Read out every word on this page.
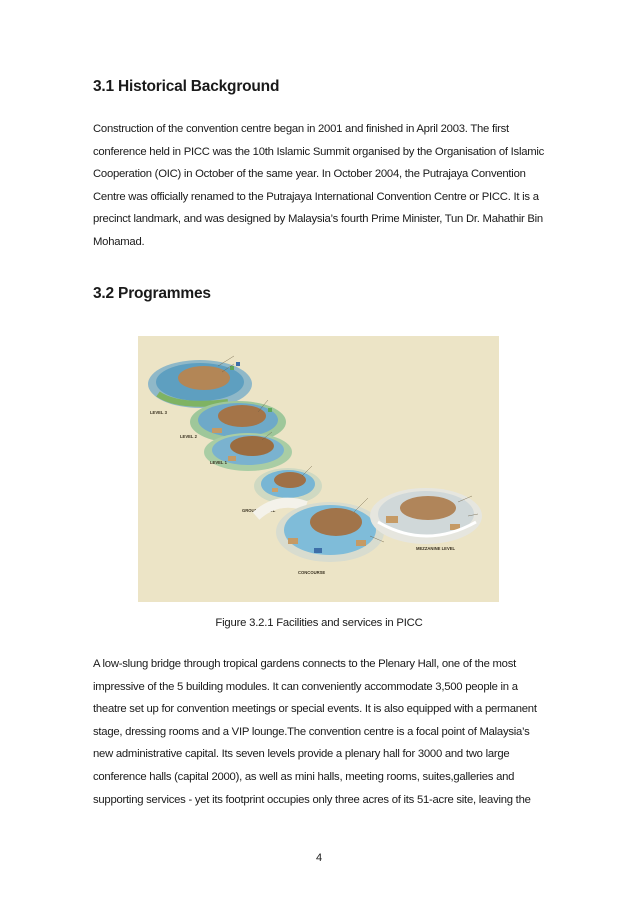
3.1 Historical Background
Construction of the convention centre began in 2001 and finished in April 2003. The first
conference held in PICC was the 10th Islamic Summit organised by the Organisation of Islamic
Cooperation (OIC) in October of the same year. In October 2004, the Putrajaya Convention
Centre was officially renamed to the Putrajaya International Convention Centre or PICC. It is a
precinct landmark, and was designed by Malaysia’s fourth Prime Minister, Tun Dr. Mahathir Bin
Mohamad.
3.2 Programmes
LEVEL 3
LEVEL 2
LEVEL 1
GROUND LEVEL
CONCOURSE
MEZZANINE LEVEL

Figure 3.2.1 Facilities and services in PICC

A low-slung bridge through tropical gardens connects to the Plenary Hall, one of the most
impressive of the 5 building modules. It can conveniently accommodate 3,500 people in a
theatre set up for convention meetings or special events. It is also equipped with a permanent
stage, dressing rooms and a VIP lounge.The convention centre is a focal point of Malaysia’s
new administrative capital. Its seven levels provide a plenary hall for 3000 and two large
conference halls (capital 2000), as well as mini halls, meeting rooms, suites,galleries and
supporting services - yet its footprint occupies only three acres of its 51-acre site, leaving the

4
